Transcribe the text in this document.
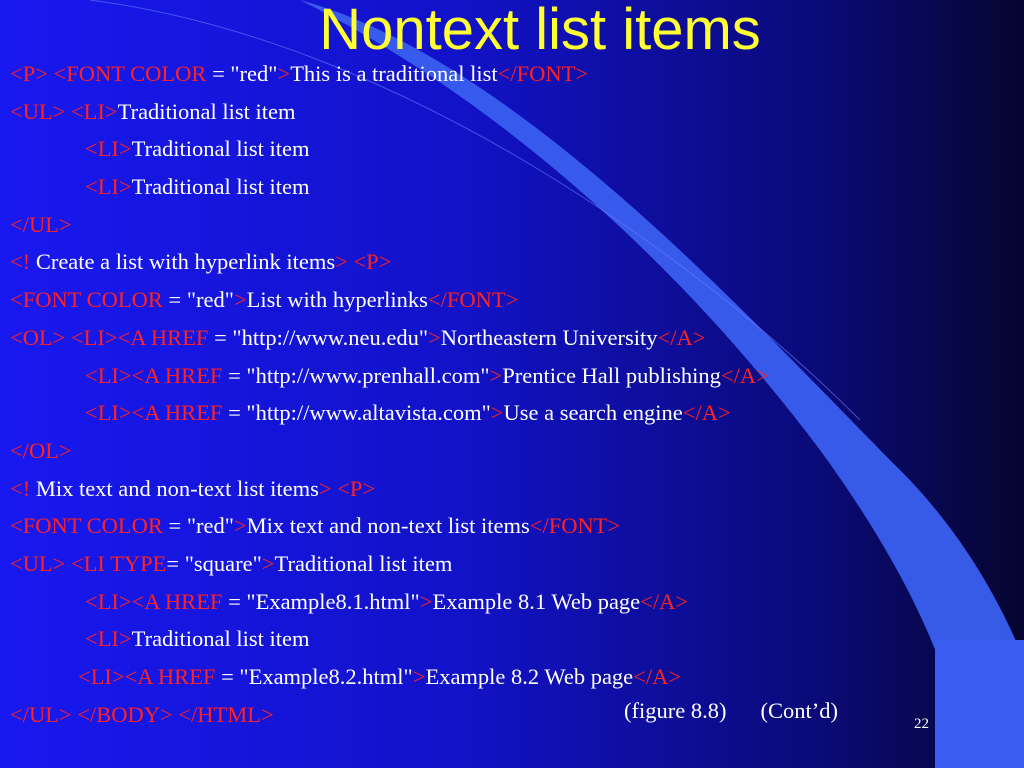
Nontext list items
<P> <FONT COLOR = "red">This is a traditional list</FONT>
<UL> <LI>Traditional list item
<LI>Traditional list item
<LI>Traditional list item
</UL>
<! Create a list with hyperlink items> <P>
<FONT COLOR = "red">List with hyperlinks</FONT>
<OL> <LI><A HREF = "http://www.neu.edu">Northeastern University</A>
<LI><A HREF = "http://www.prenhall.com">Prentice Hall publishing</A>
<LI><A HREF = "http://www.altavista.com">Use a search engine</A>
</OL>
<! Mix text and non-text list items> <P>
<FONT COLOR = "red">Mix text and non-text list items</FONT>
<UL> <LI TYPE= "square">Traditional list item
<LI><A HREF = "Example8.1.html">Example 8.1 Web page</A>
<LI>Traditional list item
<LI><A HREF = "Example8.2.html">Example 8.2 Web page</A>
</UL> </BODY> </HTML>	(figure 8.8) (Cont’d)
22
